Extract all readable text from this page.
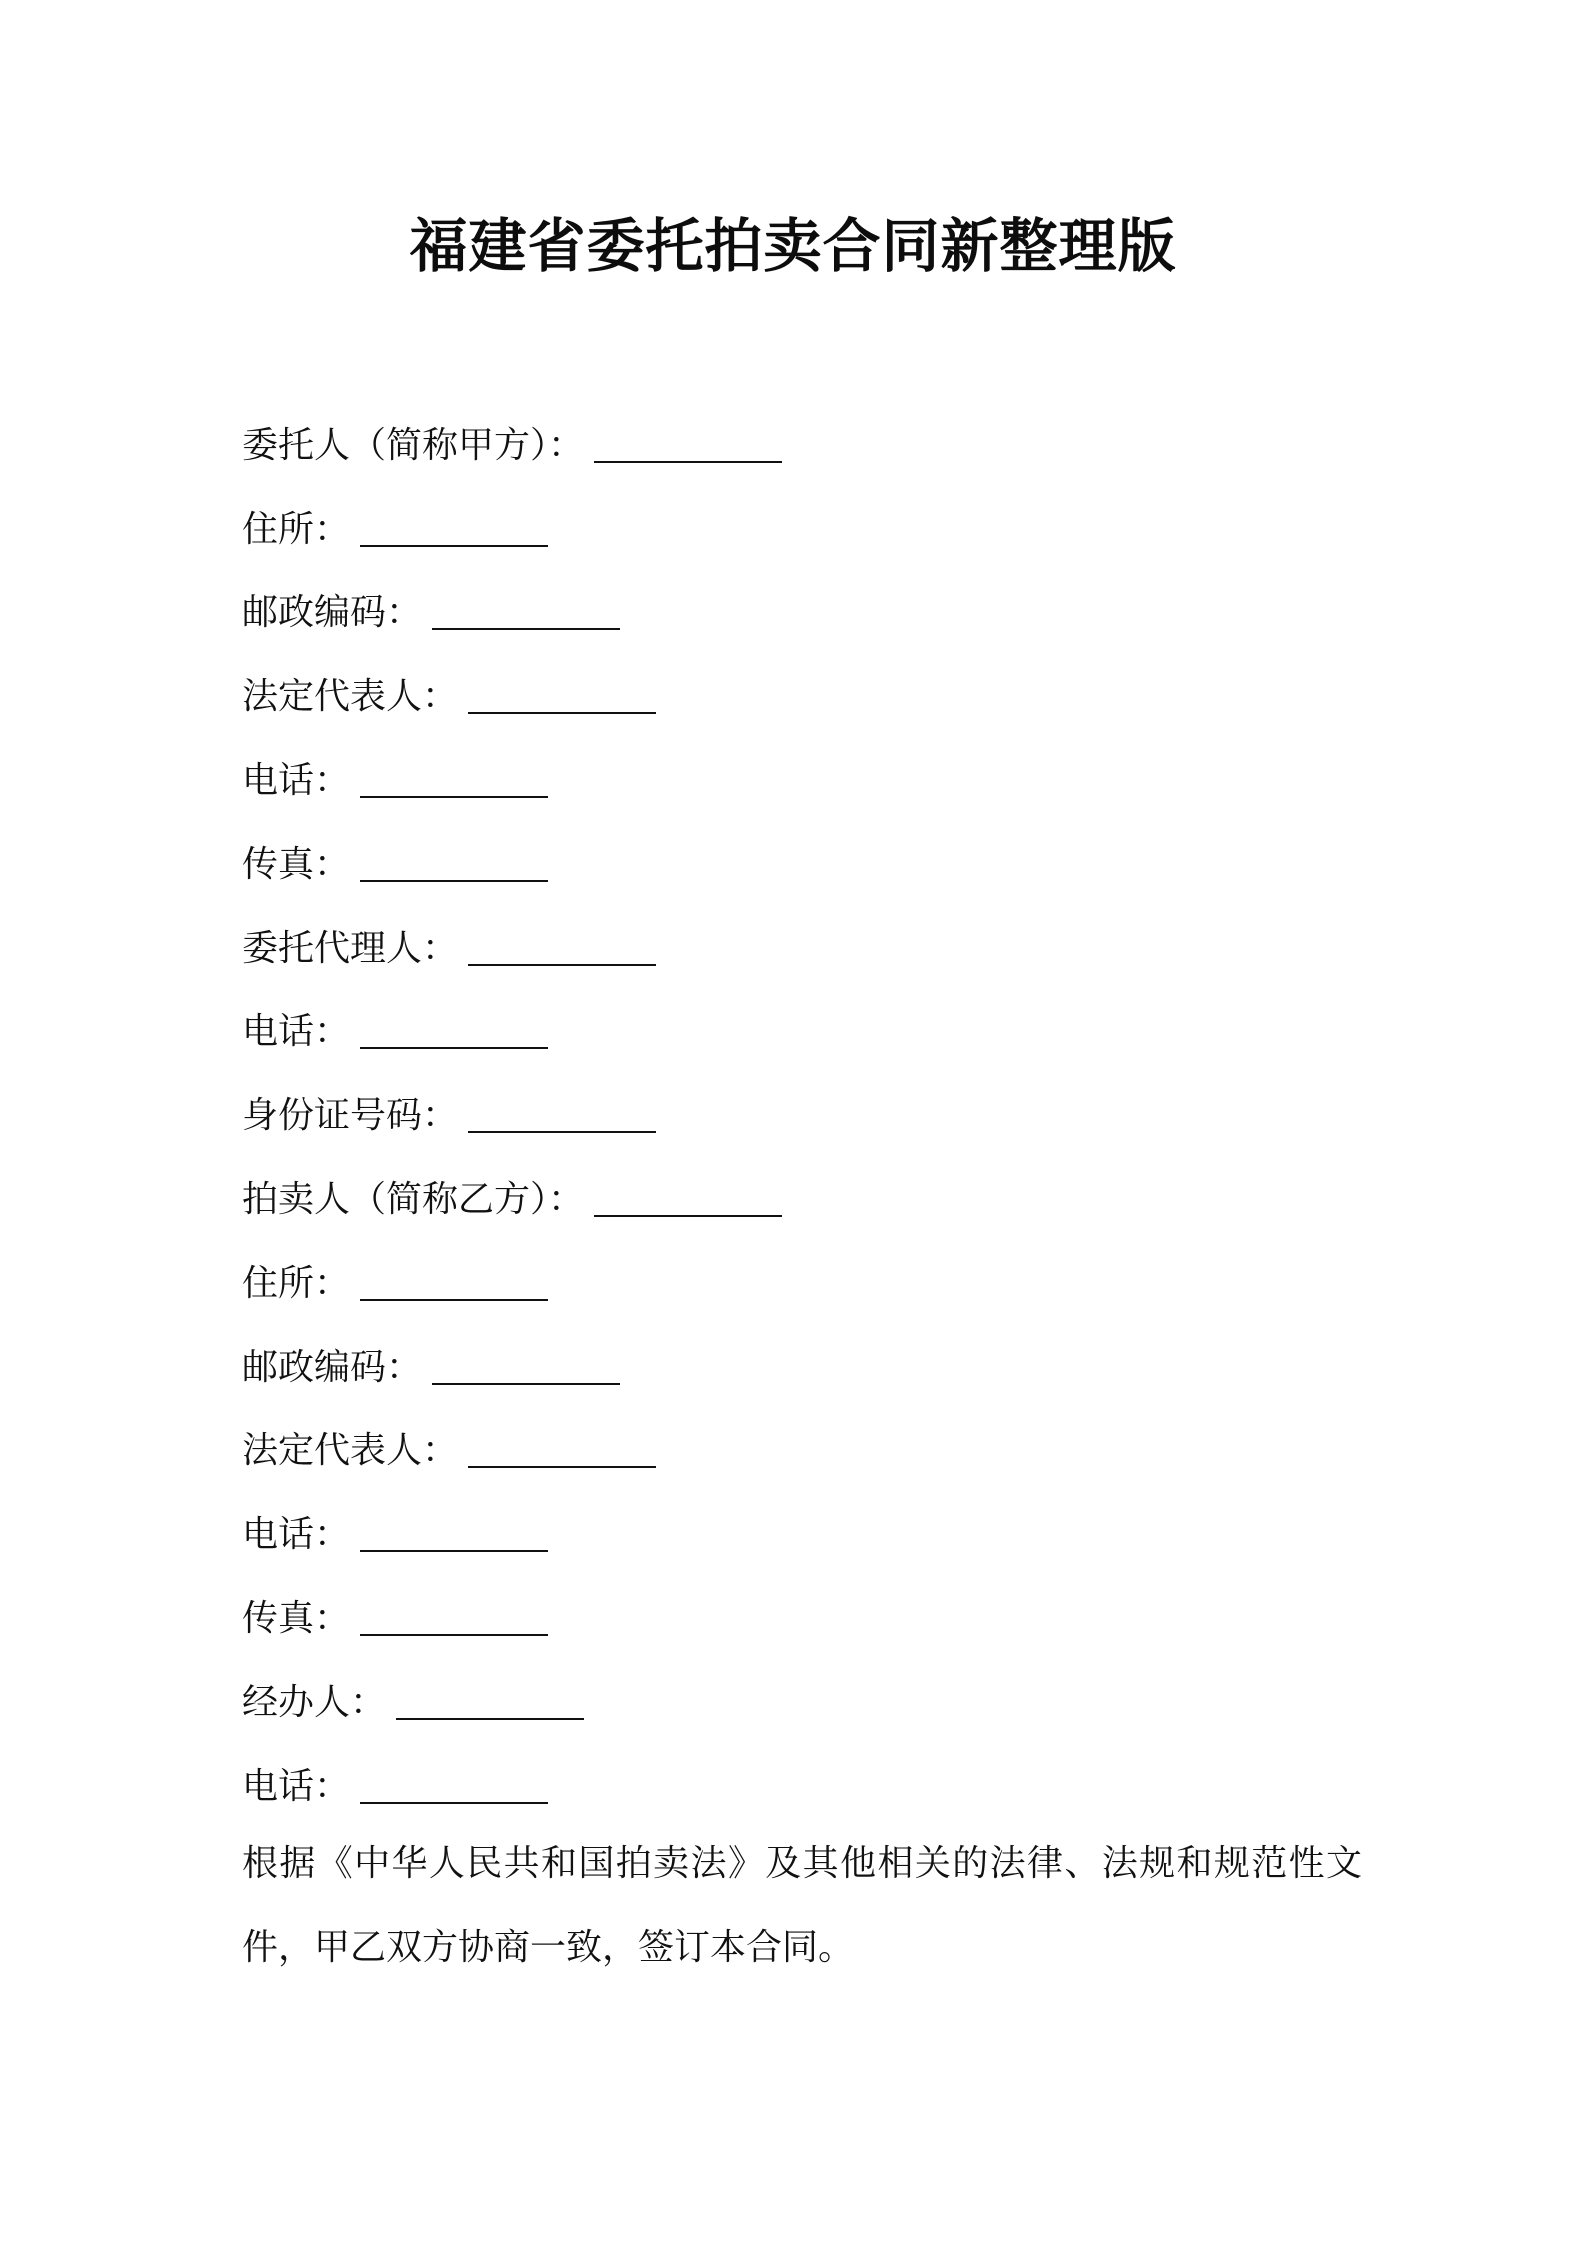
福建省委托拍卖合同新整理版
委托人（简称甲方）：
住所：
邮政编码：
法定代表人：
电话：
传真：
委托代理人：
电话：
身份证号码：
拍卖人（简称乙方）：
住所：
邮政编码：
法定代表人：
电话：
传真：
经办人：
电话：
根据《中华人民共和国拍卖法》及其他相关的法律、法规和规范性文件，甲乙双方协商一致，签订本合同。
